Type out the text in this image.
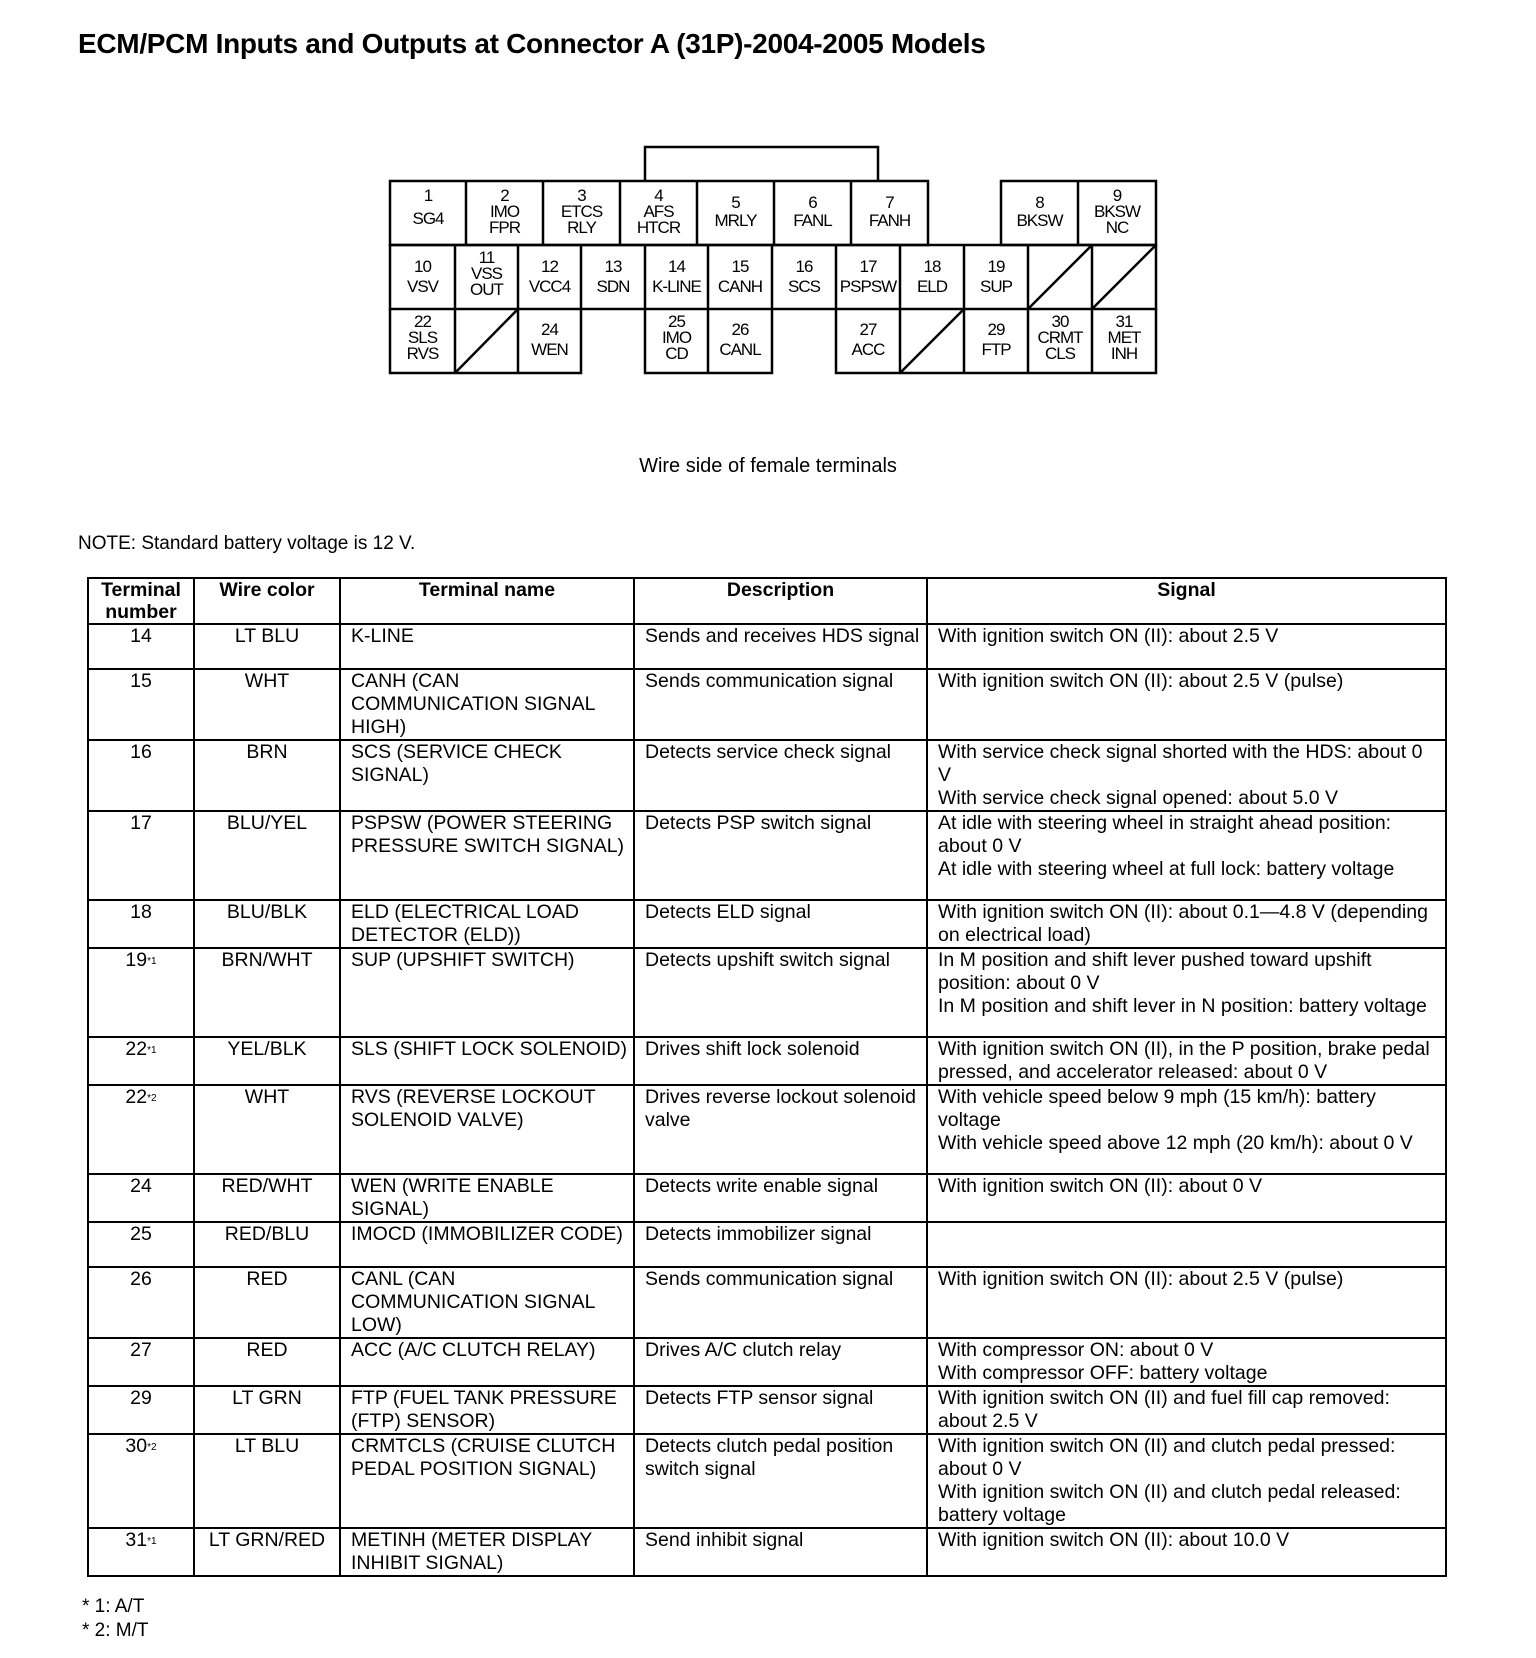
ECM/PCM Inputs and Outputs at Connector A (31P)-2004-2005 Models
1
SG4
2
IMO FPR
3
ETCS RLY
4
AFS HTCR
5
MRLY
6
FANL
7
FANH
8
BKSW
9
BKSW NC
10
VSV
11
VSS OUT
12
VCC4
13
SDN
14
K-LINE
15
CANH
16
SCS
17
PSPSW
18
ELD
19
SUP
22
SLS RVS
24
WEN
25
IMO CD
26
CANL
27
ACC
29
FTP
30
CRMT CLS
31
MET INH
Wire side of female terminals
NOTE: Standard battery voltage is 12 V.
Terminal number	Wire color	Terminal name	Description	Signal
14	LT BLU	K-LINE	Sends and receives HDS signal	With ignition switch ON (II): about 2.5 V

15	WHT	CANH (CAN COMMUNICATION SIGNAL HIGH)	Sends communication signal	With ignition switch ON (II): about 2.5 V (pulse)

16	BRN	SCS (SERVICE CHECK SIGNAL)	Detects service check signal	With service check signal shorted with the HDS: about 0 V
With service check signal opened: about 5.0 V

17	BLU/YEL	PSPSW (POWER STEERING PRESSURE SWITCH SIGNAL)	Detects PSP switch signal	At idle with steering wheel in straight ahead position: about 0 V
At idle with steering wheel at full lock: battery voltage

18	BLU/BLK	ELD (ELECTRICAL LOAD DETECTOR (ELD))	Detects ELD signal	With ignition switch ON (II): about 0.1—4.8 V (depending on electrical load)

19$^{*1}$	BRN/WHT	SUP (UPSHIFT SWITCH)	Detects upshift switch signal	In M position and shift lever pushed toward upshift position: about 0 V
In M position and shift lever in N position: battery voltage

22$^{*1}$	YEL/BLK	SLS (SHIFT LOCK SOLENOID)	Drives shift lock solenoid	With ignition switch ON (II), in the P position, brake pedal pressed, and accelerator released: about 0 V

22$^{*2}$	WHT	RVS (REVERSE LOCKOUT SOLENOID VALVE)	Drives reverse lockout solenoid valve	With vehicle speed below 9 mph (15 km/h): battery voltage
With vehicle speed above 12 mph (20 km/h): about 0 V

24	RED/WHT	WEN (WRITE ENABLE SIGNAL)	Detects write enable signal	With ignition switch ON (II): about 0 V

25	RED/BLU	IMOCD (IMMOBILIZER CODE)	Detects immobilizer signal	
26	RED	CANL (CAN COMMUNICATION SIGNAL LOW)	Sends communication signal	With ignition switch ON (II): about 2.5 V (pulse)

27	RED	ACC (A/C CLUTCH RELAY)	Drives A/C clutch relay	With compressor ON: about 0 V
With compressor OFF: battery voltage

29	LT GRN	FTP (FUEL TANK PRESSURE (FTP) SENSOR)	Detects FTP sensor signal	With ignition switch ON (II) and fuel fill cap removed: about 2.5 V

30$^{*2}$	LT BLU	CRMTCLS (CRUISE CLUTCH PEDAL POSITION SIGNAL)	Detects clutch pedal position switch signal	With ignition switch ON (II) and clutch pedal pressed: about 0 V
With ignition switch ON (II) and clutch pedal released: battery voltage

31$^{*1}$	LT GRN/RED	METINH (METER DISPLAY INHIBIT SIGNAL)	Send inhibit signal	With ignition switch ON (II): about 10.0 V
* 1: A/T
* 2: M/T
